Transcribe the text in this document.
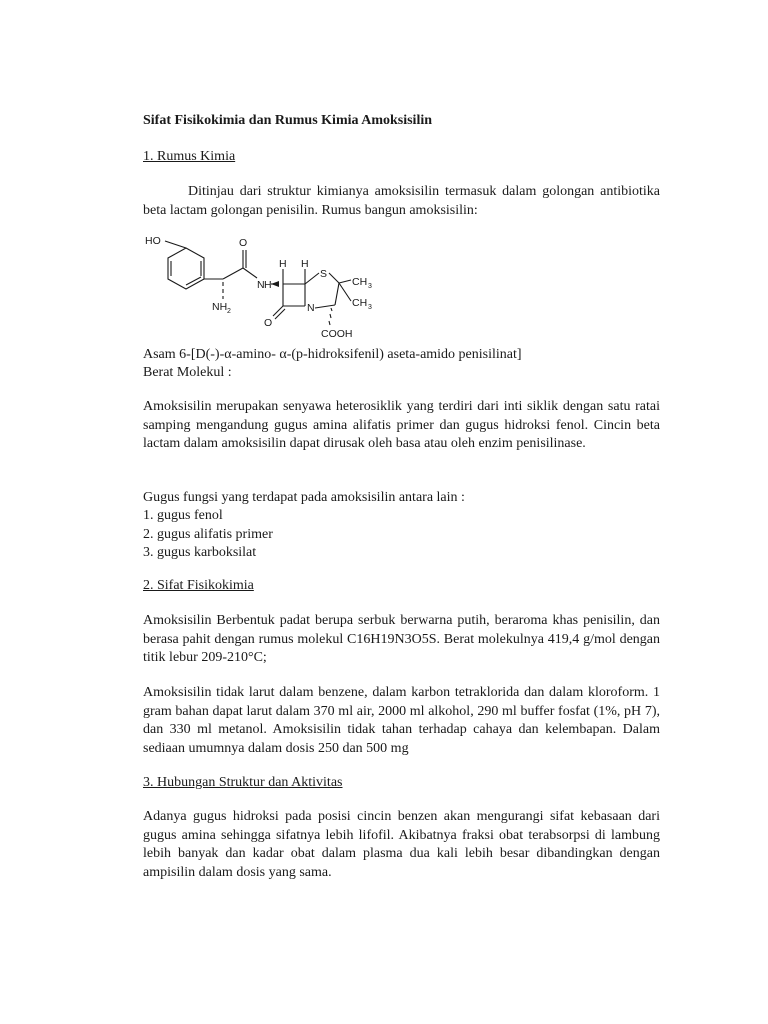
Sifat Fisikokimia dan Rumus Kimia Amoksisilin
1. Rumus Kimia
Ditinjau dari struktur kimianya amoksisilin termasuk dalam golongan antibiotika beta lactam golongan penisilin. Rumus bangun amoksisilin:
HO
NH 2
N H
O
H H
S
CH 3
CH 3
N
O
COOH
Asam 6-[D(-)-α-amino- α-(p-hidroksifenil) aseta-amido penisilinat]
Berat Molekul :
Amoksisilin merupakan senyawa heterosiklik yang terdiri dari inti siklik dengan satu ratai samping mengandung gugus amina alifatis primer dan gugus hidroksi fenol. Cincin beta lactam dalam amoksisilin dapat dirusak oleh basa atau oleh enzim penisilinase.
Gugus fungsi yang terdapat pada amoksisilin antara lain :
1. gugus fenol
2. gugus alifatis primer
3. gugus karboksilat
2. Sifat Fisikokimia
Amoksisilin Berbentuk padat berupa serbuk berwarna putih, beraroma khas penisilin, dan berasa pahit dengan rumus molekul C16H19N3O5S. Berat molekulnya 419,4 g/mol dengan titik lebur 209-210°C;
Amoksisilin tidak larut dalam benzene, dalam karbon tetraklorida dan dalam kloroform. 1 gram bahan dapat larut dalam 370 ml air, 2000 ml alkohol, 290 ml buffer fosfat (1%, pH 7), dan 330 ml metanol. Amoksisilin tidak tahan terhadap cahaya dan kelembapan. Dalam sediaan umumnya dalam dosis 250 dan 500 mg
3. Hubungan Struktur dan Aktivitas
Adanya gugus hidroksi pada posisi cincin benzen akan mengurangi sifat kebasaan dari gugus amina sehingga sifatnya lebih lifofil. Akibatnya fraksi obat terabsorpsi di lambung lebih banyak dan kadar obat dalam plasma dua kali lebih besar dibandingkan dengan ampisilin dalam dosis yang sama.
